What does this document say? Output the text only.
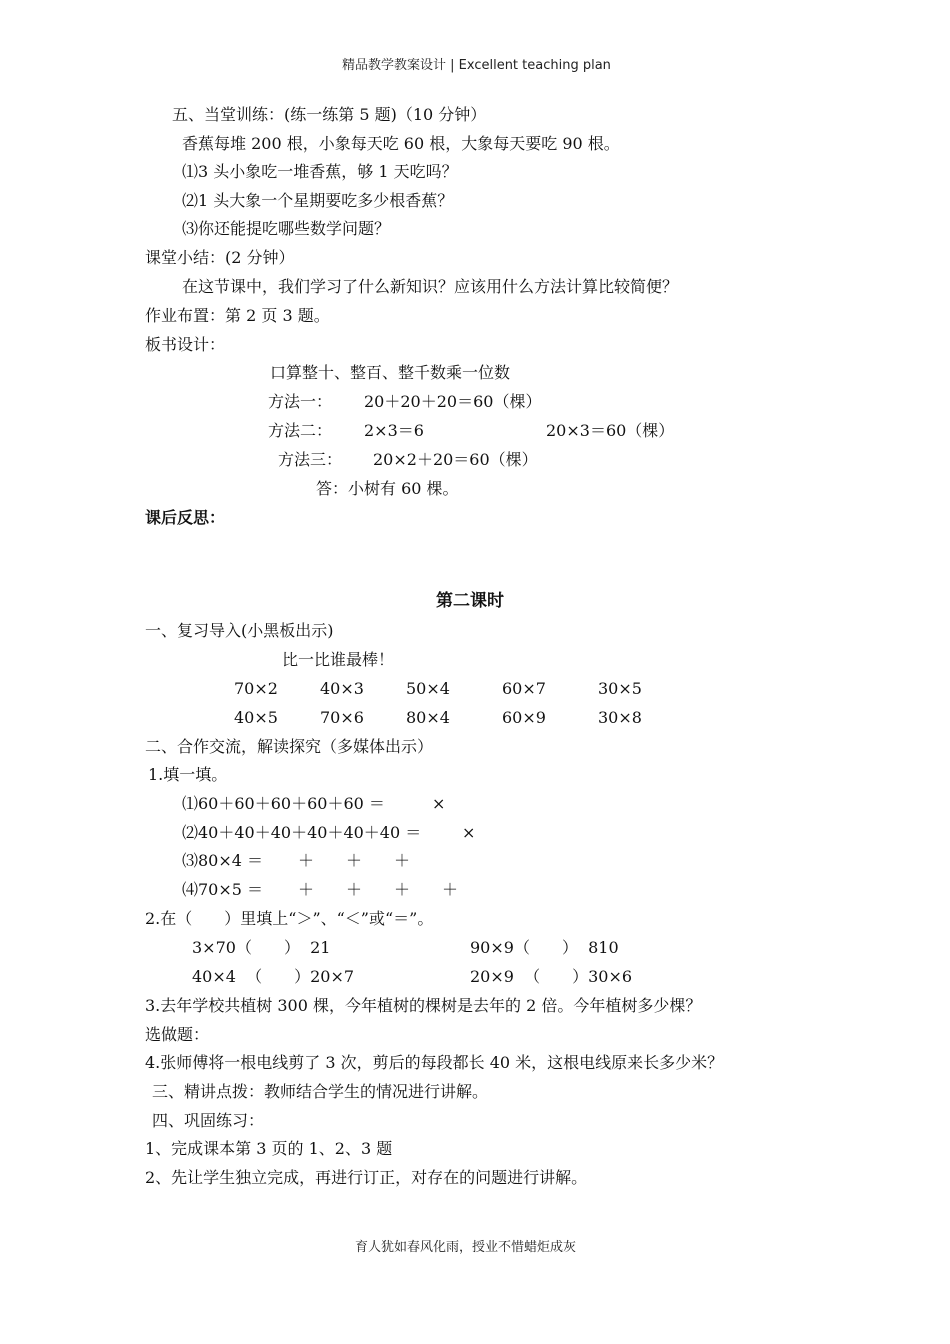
精品教学教案设计 | Excellent teaching plan
五、当堂训练：(练一练第 5 题)（10 分钟）
香蕉每堆 200 根，小象每天吃 60 根，大象每天要吃 90 根。
⑴3 头小象吃一堆香蕉，够 1 天吃吗？
⑵1 头大象一个星期要吃多少根香蕉？
⑶你还能提吃哪些数学问题？
课堂小结：(2 分钟）
在这节课中，我们学习了什么新知识？应该用什么方法计算比较简便？
作业布置：第 2 页 3 题。
板书设计：
口算整十、整百、整千数乘一位数
方法一： 20＋20＋20＝60（棵）
方法二： 2×3＝6	20×3＝60（棵）
方法三： 20×2＋20＝60（棵）
答：小树有 60 棵。
课后反思：
第二课时
一、复习导入(小黑板出示)
比一比谁最棒！
70×2	40×3	50×4	60×7	30×5
40×5	70×6	80×4	60×9	30×8
二、合作交流，解读探究（多媒体出示）
1.填一填。
⑴60＋60＋60＋60＋60 ＝	×
⑵40＋40＋40＋40＋40＋40 ＝	×
⑶80×4 ＝ ＋　　＋　　＋
⑷70×5 ＝ ＋　　＋　　＋　　＋
2.在（　　）里填上“＞”、“＜”或“＝”。
3×70（　　）  21	90×9（　　）  810
40×4  （　　）20×7	20×9  （　　）30×6
3.去年学校共植树 300 棵，今年植树的棵树是去年的 2 倍。今年植树多少棵？
选做题：
4.张师傅将一根电线剪了 3 次，剪后的每段都长 40 米，这根电线原来长多少米？
三、精讲点拨：教师结合学生的情况进行讲解。
四、巩固练习：
1、完成课本第 3 页的 1、2、3 题
2、先让学生独立完成，再进行订正，对存在的问题进行讲解。
育人犹如春风化雨，授业不惜蜡炬成灰
